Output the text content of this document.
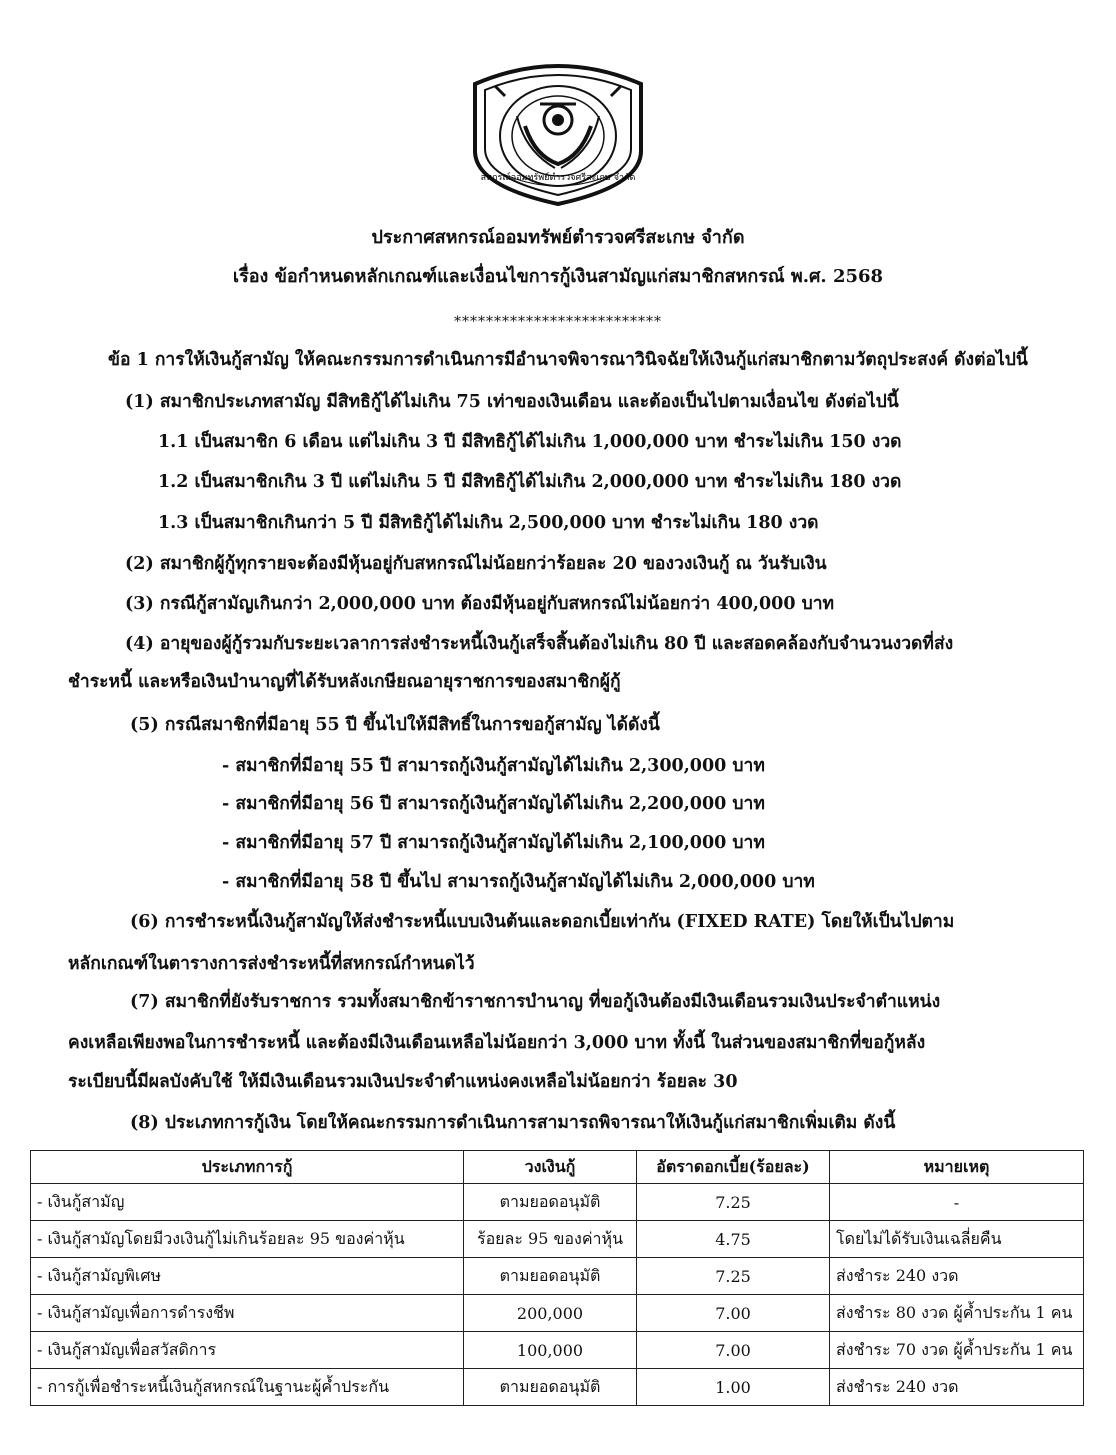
สหกรณ์ออมทรัพย์ตำรวจศรีสะเกษ จำกัด
ประกาศสหกรณ์ออมทรัพย์ตำรวจศรีสะเกษ จำกัด
เรื่อง ข้อกำหนดหลักเกณฑ์และเงื่อนไขการกู้เงินสามัญแก่สมาชิกสหกรณ์ พ.ศ. 2568
**************************
ข้อ 1 การให้เงินกู้สามัญ ให้คณะกรรมการดำเนินการมีอำนาจพิจารณาวินิจฉัยให้เงินกู้แก่สมาชิกตามวัตถุประสงค์ ดังต่อไปนี้
(1) สมาชิกประเภทสามัญ มีสิทธิกู้ได้ไม่เกิน 75 เท่าของเงินเดือน และต้องเป็นไปตามเงื่อนไข ดังต่อไปนี้
1.1 เป็นสมาชิก 6 เดือน แต่ไม่เกิน 3 ปี มีสิทธิกู้ได้ไม่เกิน 1,000,000 บาท ชำระไม่เกิน 150 งวด
1.2 เป็นสมาชิกเกิน 3 ปี แต่ไม่เกิน 5 ปี มีสิทธิกู้ได้ไม่เกิน 2,000,000 บาท ชำระไม่เกิน 180 งวด
1.3 เป็นสมาชิกเกินกว่า 5 ปี มีสิทธิกู้ได้ไม่เกิน 2,500,000 บาท ชำระไม่เกิน 180 งวด
(2) สมาชิกผู้กู้ทุกรายจะต้องมีหุ้นอยู่กับสหกรณ์ไม่น้อยกว่าร้อยละ 20 ของวงเงินกู้ ณ วันรับเงิน
(3) กรณีกู้สามัญเกินกว่า 2,000,000 บาท ต้องมีหุ้นอยู่กับสหกรณ์ไม่น้อยกว่า 400,000 บาท
(4) อายุของผู้กู้รวมกับระยะเวลาการส่งชำระหนี้เงินกู้เสร็จสิ้นต้องไม่เกิน 80 ปี และสอดคล้องกับจำนวนงวดที่ส่ง
ชำระหนี้ และหรือเงินบำนาญที่ได้รับหลังเกษียณอายุราชการของสมาชิกผู้กู้
(5) กรณีสมาชิกที่มีอายุ 55 ปี ขึ้นไปให้มีสิทธิ์ในการขอกู้สามัญ ได้ดังนี้
- สมาชิกที่มีอายุ 55 ปี สามารถกู้เงินกู้สามัญได้ไม่เกิน 2,300,000 บาท
- สมาชิกที่มีอายุ 56 ปี สามารถกู้เงินกู้สามัญได้ไม่เกิน 2,200,000 บาท
- สมาชิกที่มีอายุ 57 ปี สามารถกู้เงินกู้สามัญได้ไม่เกิน 2,100,000 บาท
- สมาชิกที่มีอายุ 58 ปี ขึ้นไป สามารถกู้เงินกู้สามัญได้ไม่เกิน 2,000,000 บาท
(6) การชำระหนี้เงินกู้สามัญให้ส่งชำระหนี้แบบเงินต้นและดอกเบี้ยเท่ากัน (FIXED RATE) โดยให้เป็นไปตาม
หลักเกณฑ์ในตารางการส่งชำระหนี้ที่สหกรณ์กำหนดไว้
(7) สมาชิกที่ยังรับราชการ รวมทั้งสมาชิกข้าราชการบำนาญ ที่ขอกู้เงินต้องมีเงินเดือนรวมเงินประจำตำแหน่ง
คงเหลือเพียงพอในการชำระหนี้ และต้องมีเงินเดือนเหลือไม่น้อยกว่า 3,000 บาท ทั้งนี้ ในส่วนของสมาชิกที่ขอกู้หลัง
ระเบียบนี้มีผลบังคับใช้ ให้มีเงินเดือนรวมเงินประจำตำแหน่งคงเหลือไม่น้อยกว่า ร้อยละ 30
(8) ประเภทการกู้เงิน โดยให้คณะกรรมการดำเนินการสามารถพิจารณาให้เงินกู้แก่สมาชิกเพิ่มเติม ดังนี้
ประเภทการกู้	วงเงินกู้	อัตราดอกเบี้ย(ร้อยละ)	หมายเหตุ
- เงินกู้สามัญ	ตามยอดอนุมัติ	7.25	-
- เงินกู้สามัญโดยมีวงเงินกู้ไม่เกินร้อยละ 95 ของค่าหุ้น	ร้อยละ 95 ของค่าหุ้น	4.75	โดยไม่ได้รับเงินเฉลี่ยคืน
- เงินกู้สามัญพิเศษ	ตามยอดอนุมัติ	7.25	ส่งชำระ 240 งวด
- เงินกู้สามัญเพื่อการดำรงชีพ	200,000	7.00	ส่งชำระ 80 งวด ผู้ค้ำประกัน 1 คน
- เงินกู้สามัญเพื่อสวัสดิการ	100,000	7.00	ส่งชำระ 70 งวด ผู้ค้ำประกัน 1 คน
- การกู้เพื่อชำระหนี้เงินกู้สหกรณ์ในฐานะผู้ค้ำประกัน	ตามยอดอนุมัติ	1.00	ส่งชำระ 240 งวด
